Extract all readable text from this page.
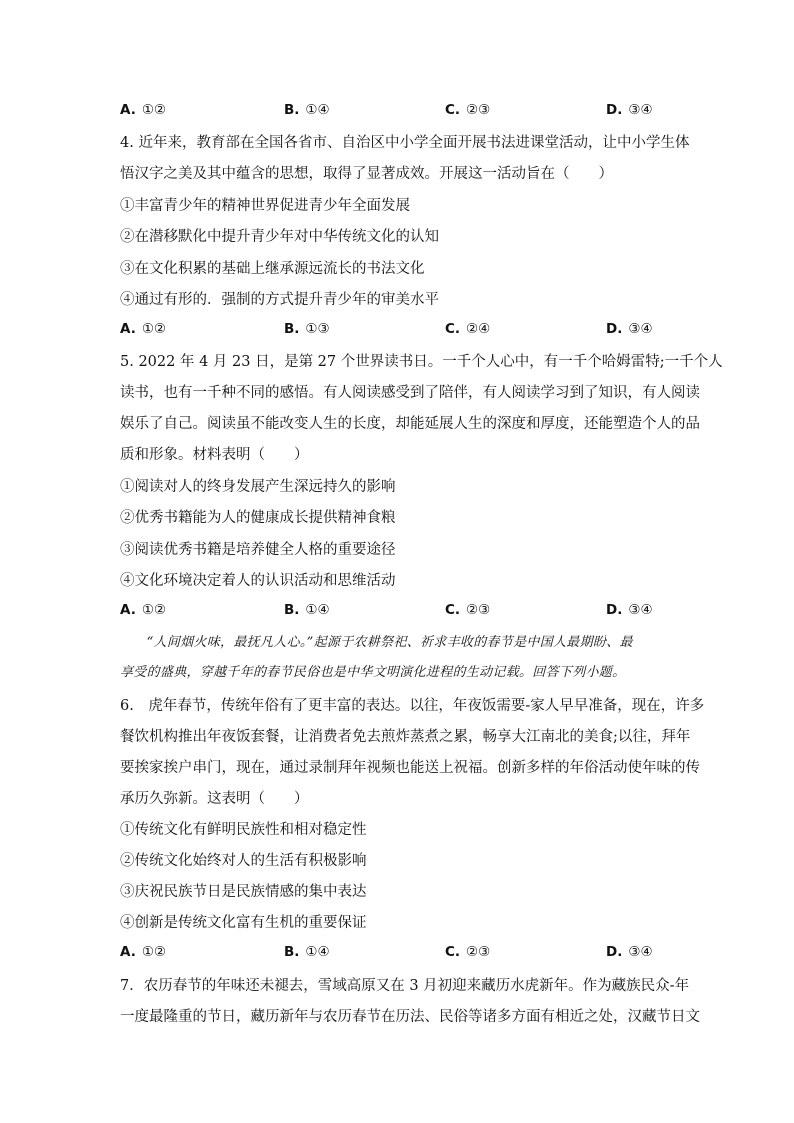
A. ①②	B. ①④	C. ②③	D. ③④
4. 近年来，教育部在全国各省市、自治区中小学全面开展书法进课堂活动，让中小学生体
悟汉字之美及其中蕴含的思想，取得了显著成效。开展这一活动旨在（　　）
①丰富青少年的精神世界促进青少年全面发展
②在潜移默化中提升青少年对中华传统文化的认知
③在文化积累的基础上继承源远流长的书法文化
④通过有形的．强制的方式提升青少年的审美水平
A. ①②	B. ①③	C. ②④	D. ③④
5. 2022 年 4 月 23 日，是第 27 个世界读书日。一千个人心中，有一千个哈姆雷特;一千个人
读书，也有一千种不同的感悟。有人阅读感受到了陪伴，有人阅读学习到了知识，有人阅读
娱乐了自己。阅读虽不能改变人生的长度，却能延展人生的深度和厚度，还能塑造个人的品
质和形象。材料表明（　　）
①阅读对人的终身发展产生深远持久的影响
②优秀书籍能为人的健康成长提供精神食粮
③阅读优秀书籍是培养健全人格的重要途径
④文化环境决定着人的认识活动和思维活动
A. ①②	B. ①④	C. ②③	D. ③④
　　“人间烟火味，最抚凡人心。”起源于农耕祭祀、祈求丰收的春节是中国人最期盼、最
享受的盛典，穿越千年的春节民俗也是中华文明演化进程的生动记载。回答下列小题。
6.　虎年春节，传统年俗有了更丰富的表达。以往，年夜饭需要-家人早早准备，现在，许多
餐饮机构推出年夜饭套餐，让消费者免去煎炸蒸煮之累，畅享大江南北的美食;以往，拜年
要挨家挨户串门，现在，通过录制拜年视频也能送上祝福。创新多样的年俗活动使年味的传
承历久弥新。这表明（　　）
①传统文化有鲜明民族性和相对稳定性
②传统文化始终对人的生活有积极影响
③庆祝民族节日是民族情感的集中表达
④创新是传统文化富有生机的重要保证
A. ①②	B. ①④	C. ②③	D. ③④
7．农历春节的年味还未褪去，雪域高原又在 3 月初迎来藏历水虎新年。作为藏族民众-年
一度最隆重的节日，藏历新年与农历春节在历法、民俗等诸多方面有相近之处，汉藏节日文
